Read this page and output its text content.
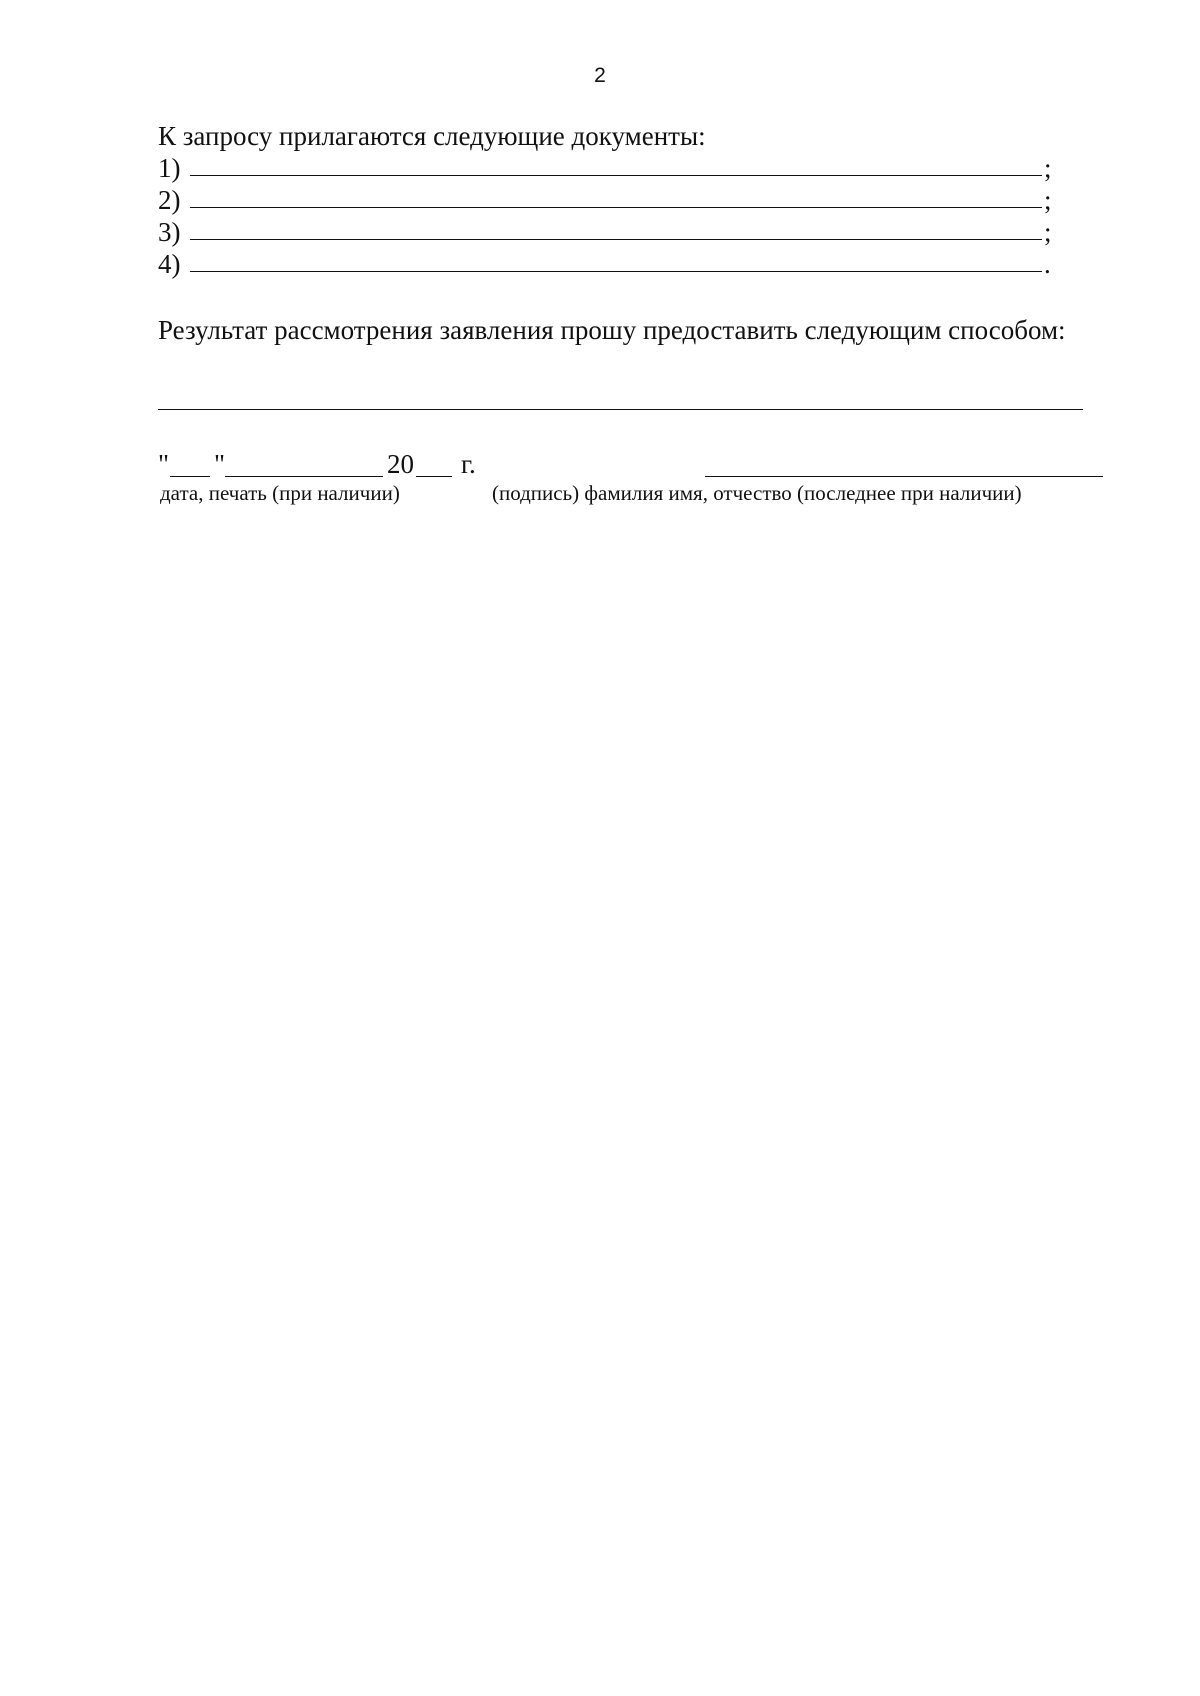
2
К запросу прилагаются следующие документы:
1)	;
2)	;
3)	;
4)	.
Результат рассмотрения заявления прошу предоставить следующим способом:
" "	20 г.
дата, печать (при наличии)	(подпись) фамилия имя, отчество (последнее при наличии)
